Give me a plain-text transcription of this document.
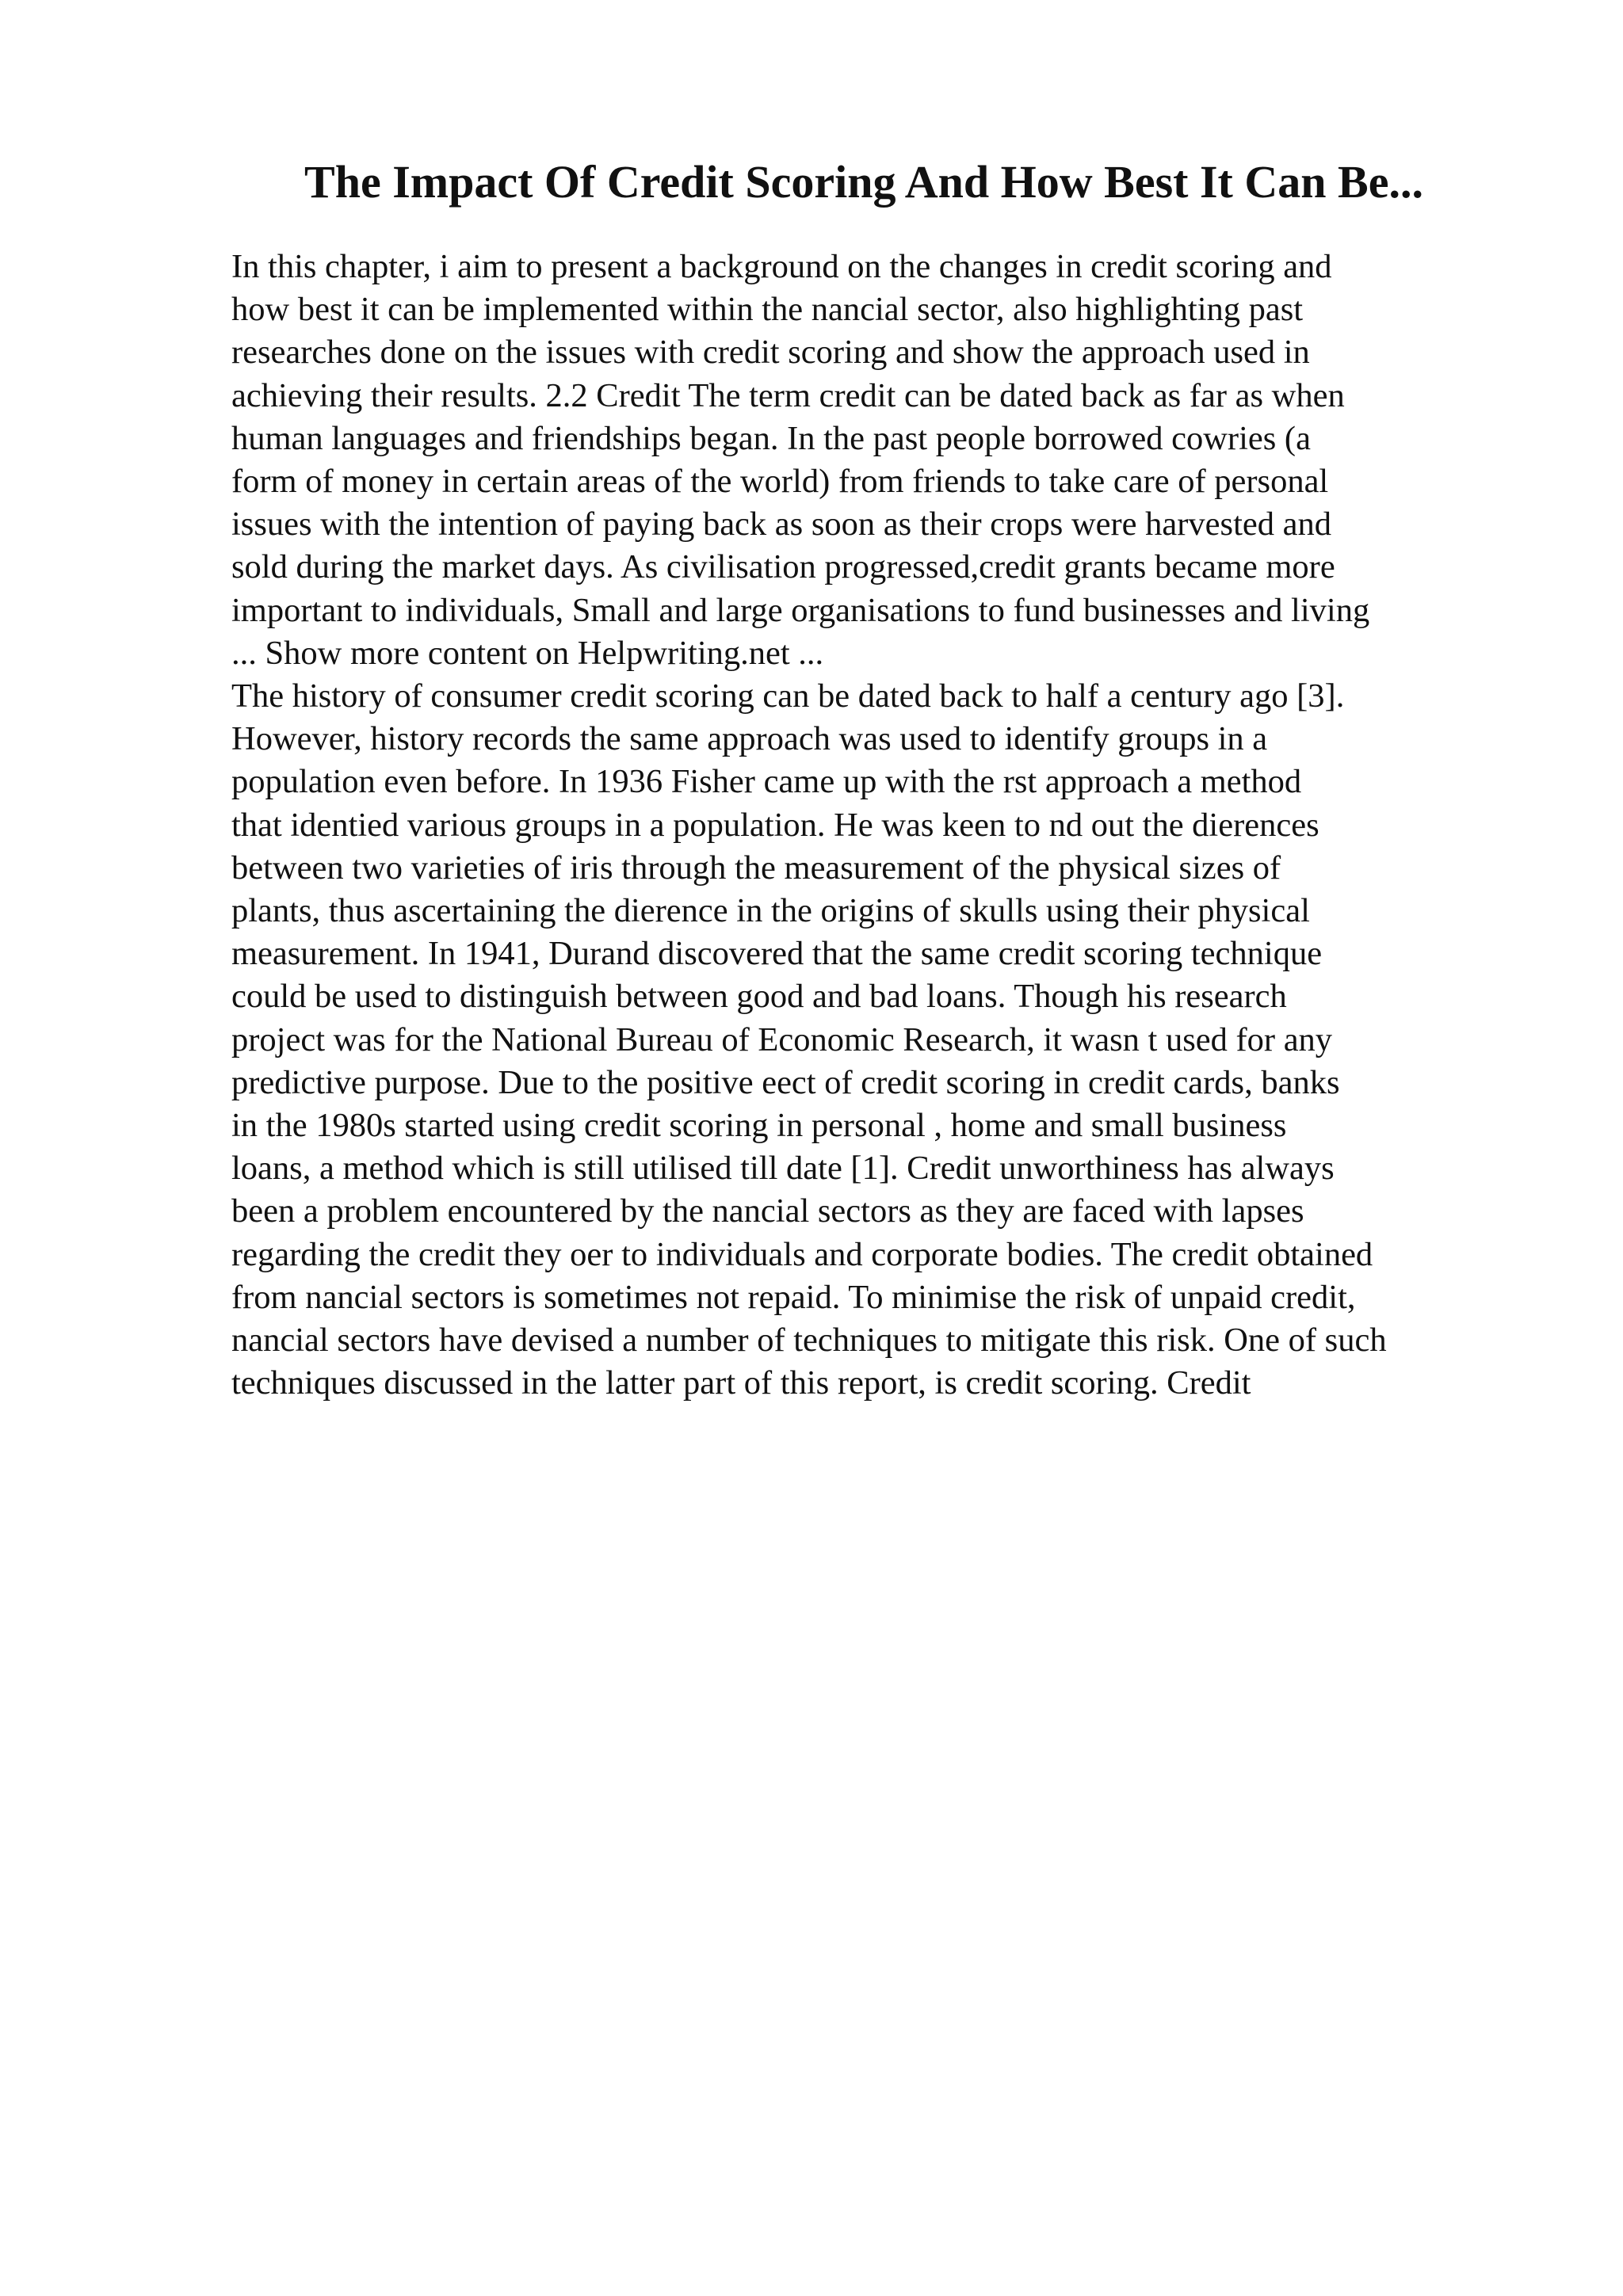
The Impact Of Credit Scoring And How Best It Can Be...
In this chapter, i aim to present a background on the changes in credit scoring and
how best it can be implemented within the nancial sector, also highlighting past
researches done on the issues with credit scoring and show the approach used in
achieving their results. 2.2 Credit The term credit can be dated back as far as when
human languages and friendships began. In the past people borrowed cowries (a
form of money in certain areas of the world) from friends to take care of personal
issues with the intention of paying back as soon as their crops were harvested and
sold during the market days. As civilisation progressed,credit grants became more
important to individuals, Small and large organisations to fund businesses and living
... Show more content on Helpwriting.net ...
The history of consumer credit scoring can be dated back to half a century ago [3].
However, history records the same approach was used to identify groups in a
population even before. In 1936 Fisher came up with the rst approach a method
that identied various groups in a population. He was keen to nd out the dierences
between two varieties of iris through the measurement of the physical sizes of
plants, thus ascertaining the dierence in the origins of skulls using their physical
measurement. In 1941, Durand discovered that the same credit scoring technique
could be used to distinguish between good and bad loans. Though his research
project was for the National Bureau of Economic Research, it wasn t used for any
predictive purpose. Due to the positive eect of credit scoring in credit cards, banks
in the 1980s started using credit scoring in personal , home and small business
loans, a method which is still utilised till date [1]. Credit unworthiness has always
been a problem encountered by the nancial sectors as they are faced with lapses
regarding the credit they oer to individuals and corporate bodies. The credit obtained
from nancial sectors is sometimes not repaid. To minimise the risk of unpaid credit,
nancial sectors have devised a number of techniques to mitigate this risk. One of such
techniques discussed in the latter part of this report, is credit scoring. Credit
